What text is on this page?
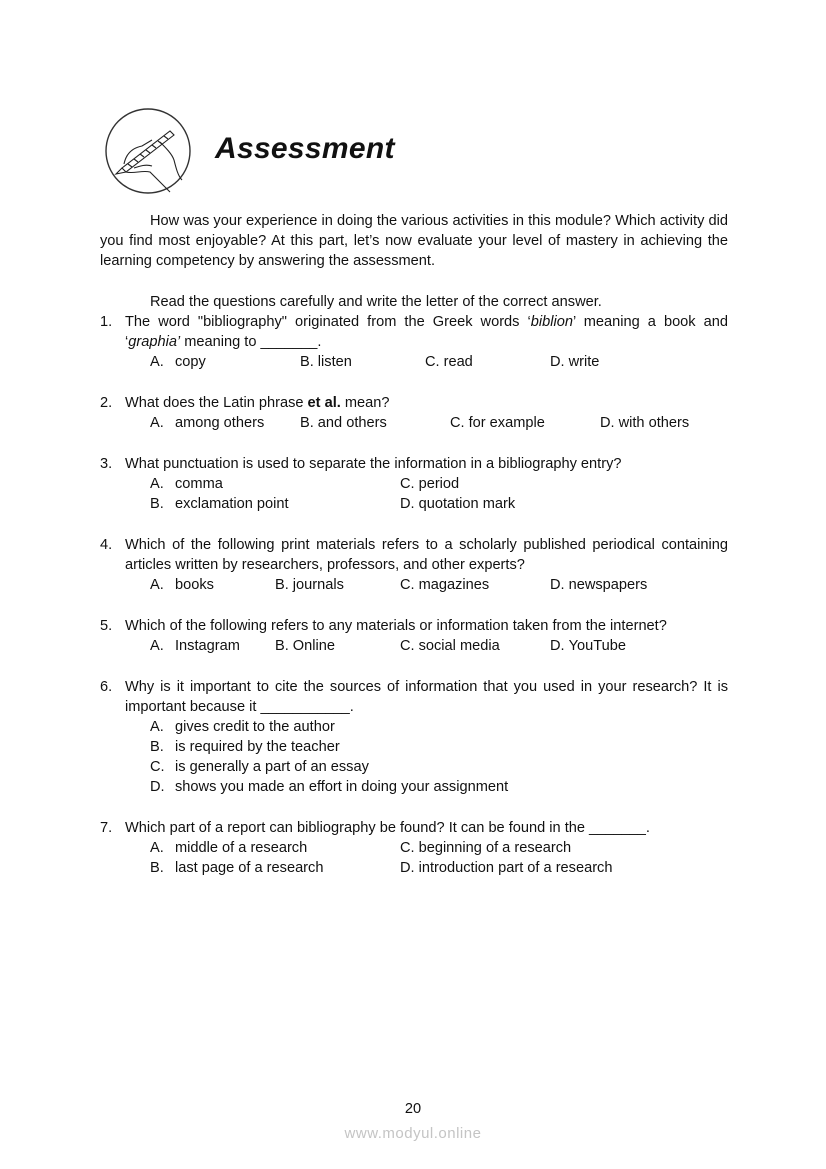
Assessment
How was your experience in doing the various activities in this module? Which activity did you find most enjoyable? At this part, let’s now evaluate your level of mastery in achieving the learning competency by answering the assessment.
Read the questions carefully and write the letter of the correct answer.
1. The word "bibliography" originated from the Greek words ‘biblion’ meaning a book and ‘graphia’ meaning to _______.
A. copy	B. listen	C. read	D. write
2. What does the Latin phrase et al. mean?
A. among others B. and others	C. for example	D. with others
3. What punctuation is used to separate the information in a bibliography entry?
A. comma	C. period
B. exclamation point	D. quotation mark
4. Which of the following print materials refers to a scholarly published periodical containing articles written by researchers, professors, and other experts?
A. books	B. journals	C. magazines	D. newspapers
5. Which of the following refers to any materials or information taken from the internet?
A. Instagram B. Online	C. social media	D. YouTube
6. Why is it important to cite the sources of information that you used in your research? It is important because it ___________.
A. gives credit to the author
B. is required by the teacher
C. is generally a part of an essay
D. shows you made an effort in doing your assignment
7. Which part of a report can bibliography be found? It can be found in the _______.
A. middle of a research	C. beginning of a research
B. last page of a research	D. introduction part of a research
20
www.modyul.online
